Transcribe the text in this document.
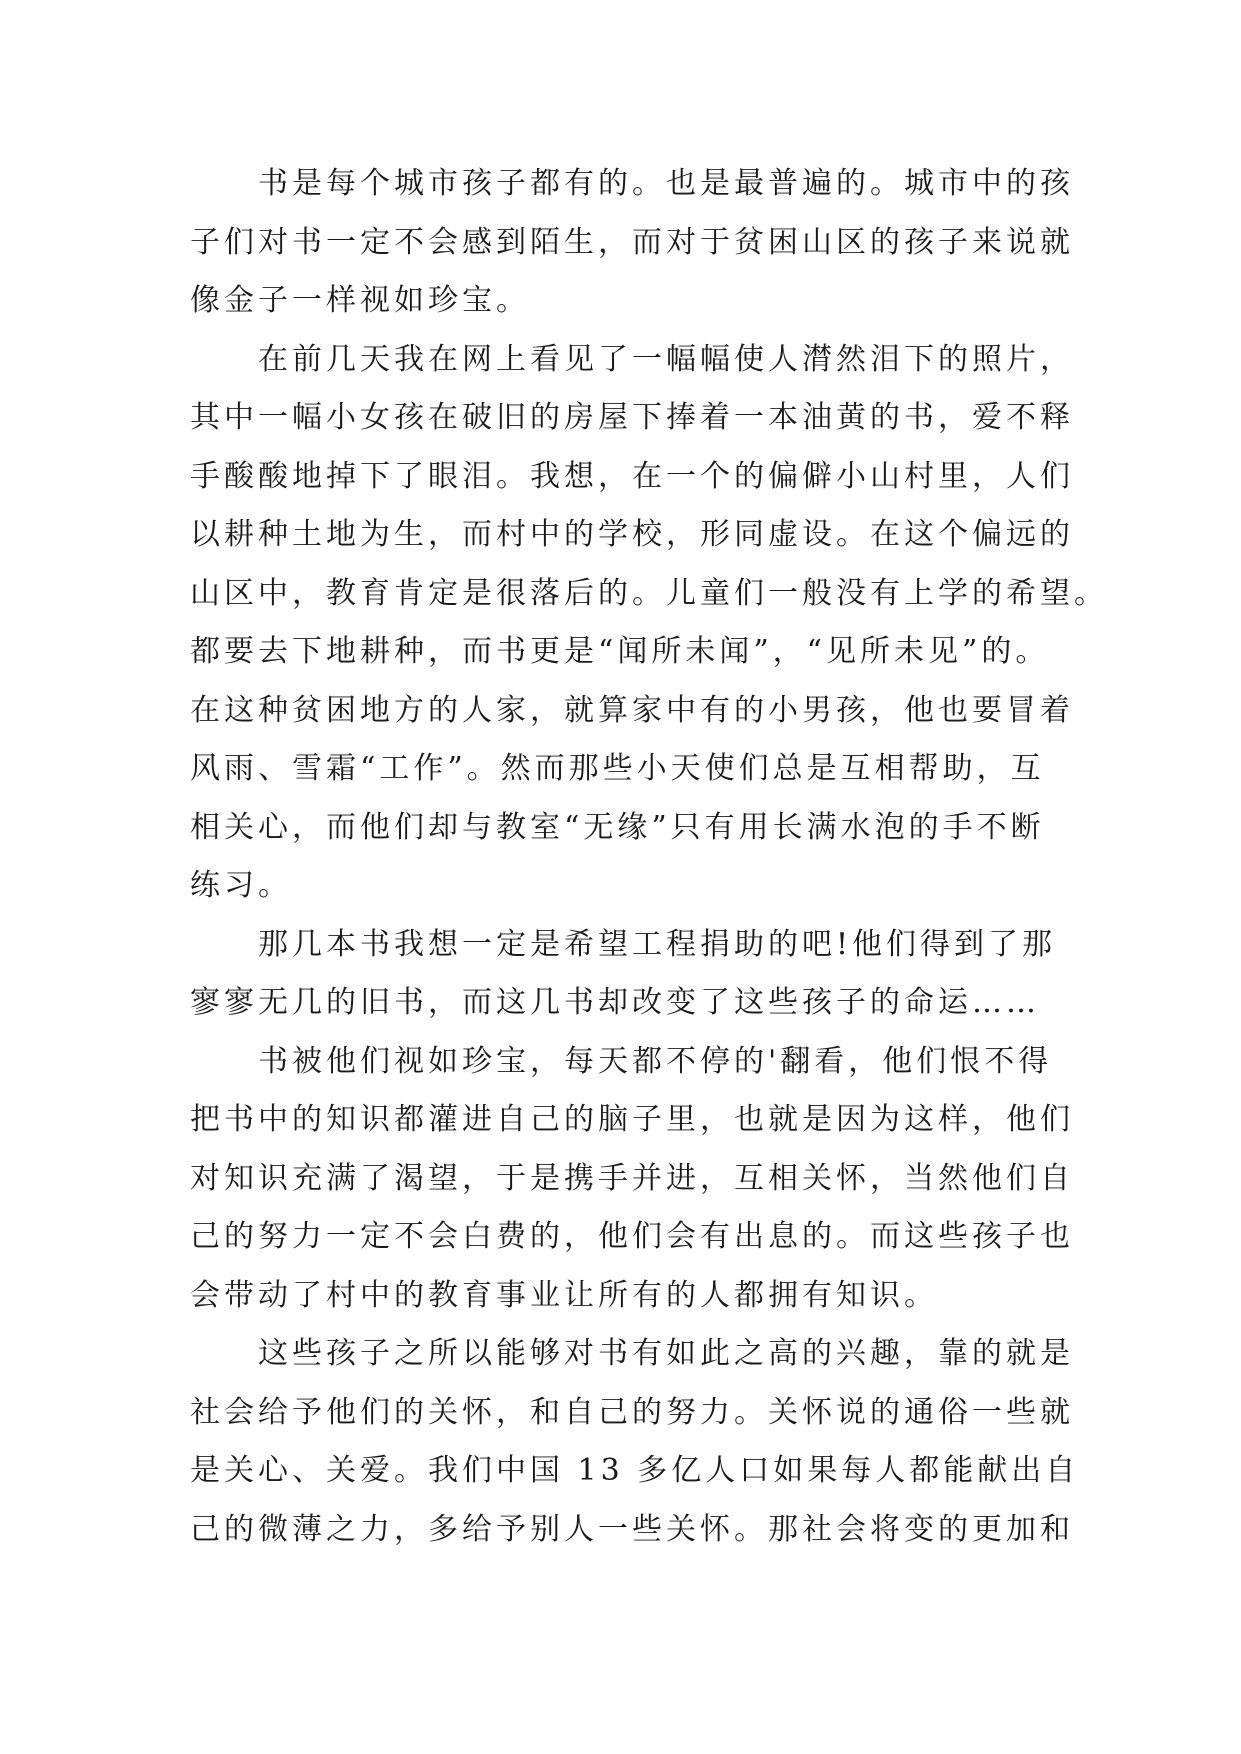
书是每个城市孩子都有的。也是最普遍的。城市中的孩
子们对书一定不会感到陌生，而对于贫困山区的孩子来说就
像金子一样视如珍宝。
在前几天我在网上看见了一幅幅使人潸然泪下的照片，
其中一幅小女孩在破旧的房屋下捧着一本油黄的书，爱不释
手酸酸地掉下了眼泪。我想，在一个的偏僻小山村里，人们
以耕种土地为生，而村中的学校，形同虚设。在这个偏远的
山区中，教育肯定是很落后的。儿童们一般没有上学的希望。
都要去下地耕种，而书更是“闻所未闻”，“见所未见”的。
在这种贫困地方的人家，就算家中有的小男孩，他也要冒着
风雨、雪霜“工作”。然而那些小天使们总是互相帮助，互
相关心，而他们却与教室“无缘”只有用长满水泡的手不断
练习。
那几本书我想一定是希望工程捐助的吧!他们得到了那
寥寥无几的旧书，而这几书却改变了这些孩子的命运……
书被他们视如珍宝，每天都不停的'翻看，他们恨不得
把书中的知识都灌进自己的脑子里，也就是因为这样，他们
对知识充满了渴望，于是携手并进，互相关怀，当然他们自
己的努力一定不会白费的，他们会有出息的。而这些孩子也
会带动了村中的教育事业让所有的人都拥有知识。
这些孩子之所以能够对书有如此之高的兴趣，靠的就是
社会给予他们的关怀，和自己的努力。关怀说的通俗一些就
是关心、关爱。我们中国 13 多亿人口如果每人都能献出自
己的微薄之力，多给予别人一些关怀。那社会将变的更加和
